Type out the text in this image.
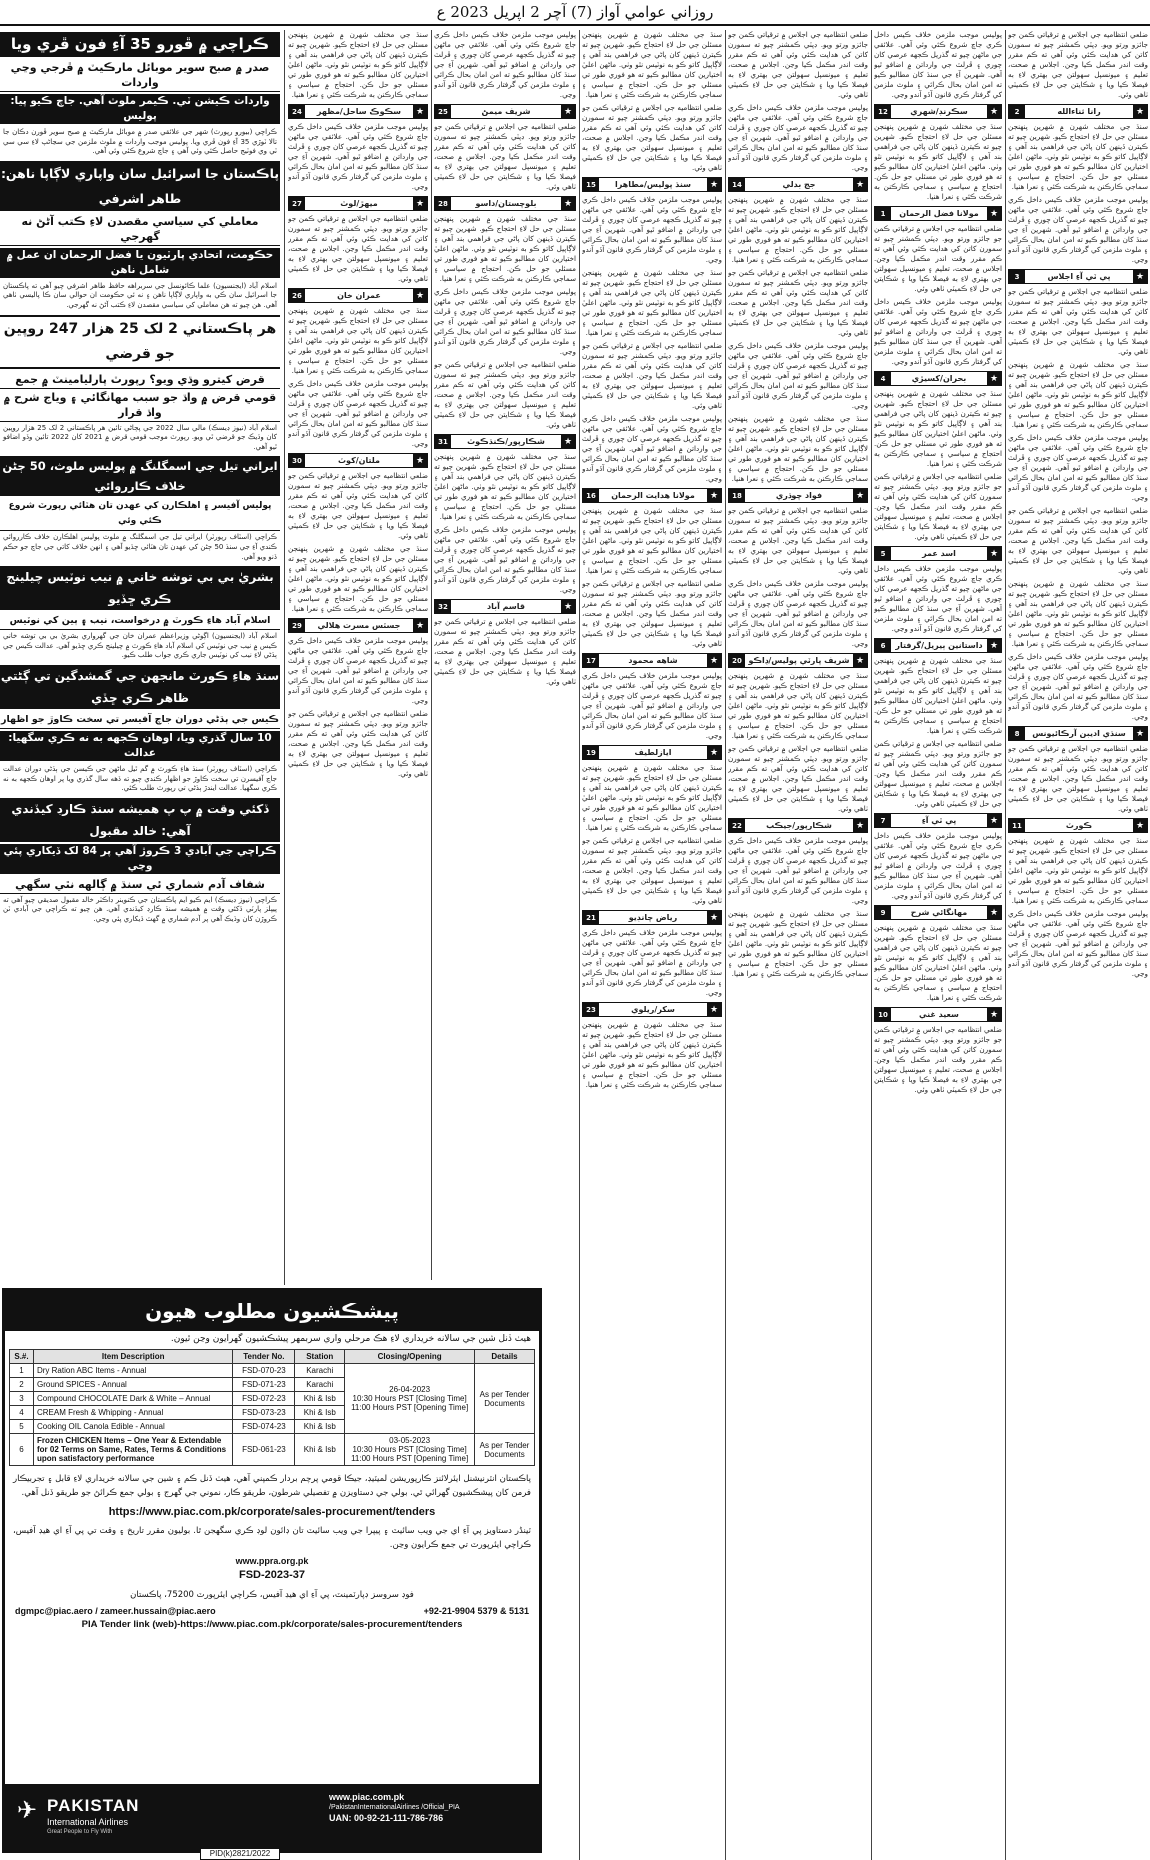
روزاني عوامي آواز (7) آچر 2 اپريل 2023 ع
ڪراچي ۾ ڦورو 35 آءِ فون ڦري ويا
صدر ۾ صبح سوير موبائل مارڪيٽ ۾ ڦرجي وڃي واردات
واردات ڪيشن ٽي. ڪيمر ملوث آهي. جاچ ڪيو پيا: پوليس
ڪراچي (بيورو رپورٽ) شهر جي علائقي صدر ۾ موبائل مارڪيٽ ۾ صبح سوير ڦورن دڪان جا تالا ٽوڙي 35 آءِ فون ڦري ويا. پوليس موجب واردات ۾ ملوث ملزمن جي سڃاڻپ لاءِ سي سي ٽي وي فوٽيج حاصل ڪئي وئي آهي ۽ جاچ شروع ڪئي وئي آهي.
پاڪستان جا اسرائيل سان واپاري لاڳاپا ناهن: طاهر اشرفي
معاملي کي سياسي مقصدن لاءِ ڪتب آڻڻ نه گهرجي
حڪومت، اتحادي پارٽيون يا فضل الرحمان ان عمل ۾ شامل ناهن
اسلام آباد (ايجنسيون) علما ڪائونسل جي سربراهه حافظ طاهر اشرفي چيو آهي ته پاڪستان جا اسرائيل سان ڪي به واپاري لاڳاپا ناهن ۽ نه ئي حڪومت ان حوالي سان ڪا پاليسي ٺاهي آهي. هن چيو ته هن معاملي کي سياسي مقصدن لاءِ ڪتب آڻڻ نه گهرجي.
هر پاڪستاني 2 لک 25 هزار 247 روپين جو قرضي
قرض کيترو وڌي ويو؟ رپورٽ پارليامينٽ ۾ جمع
قومي قرض ۾ واڌ جو سبب مهانگائي ۽ وياج شرح ۾ واڌ قرار
اسلام آباد (نيوز ڊيسڪ) مالي سال 2022 جي پڄاڻي تائين هر پاڪستاني 2 لک 25 هزار روپين کان وڌيڪ جو قرضي ٿي ويو. رپورٽ موجب قومي قرض ۾ 2021 کان 2022 تائين وڏو اضافو ٿيو آهي.
ايراني تيل جي اسمگلنگ ۾ پوليس ملوث، 50 ڄڻن خلاف ڪارروائي
پوليس آفيسر ۽ اهلڪارن کي عهدن تان هٽائي رپورٽ شروع ڪئي وئي
ڪراچي (اسٽاف رپورٽر) ايراني تيل جي اسمگلنگ ۾ ملوث پوليس اهلڪارن خلاف ڪارروائي ڪندي آءِ جي سنڌ 50 ڄڻن کي عهدن تان هٽائي ڇڏيو آهي ۽ انهن خلاف کاتي جي جاچ جو حڪم ڏنو ويو آهي.
بشريٰ بي بي توشه خاني ۾ نيب نوٽيس چيلينج ڪري ڇڏيو
اسلام آباد هاءِ ڪورٽ ۾ درخواست، نيب ۽ ٻين کي نوٽيس
اسلام آباد (ايجنسيون) اڳوڻي وزيراعظم عمران خان جي گهرواري بشريٰ بي بي توشه خاني ڪيس ۾ نيب جي نوٽيس کي اسلام آباد هاءِ ڪورٽ ۾ چيلينج ڪري ڇڏيو آهي. عدالت ڪيس جي ٻڌڻي لاءِ نيب کي نوٽيس جاري ڪري جواب طلب ڪيو.
سنڌ هاءِ ڪورٽ مانجهن جي گمشدگين تي ڳڻتي ظاهر ڪري ڇڏي
ڪيس جي ٻڌڻي دوران جاچ آفيسر تي سخت ڪاوڙ جو اظهار
10 سال گذري ويا، اوهان ڪجهه به نه ڪري سگهيا: عدالت
ڪراچي (اسٽاف رپورٽر) سنڌ هاءِ ڪورٽ ۾ گم ٿيل ماڻهن جي ڪيسن جي ٻڌڻي دوران عدالت جاچ آفيسرن تي سخت ڪاوڙ جو اظهار ڪندي چيو ته ڏهه سال گذري ويا پر اوهان ڪجهه به نه ڪري سگهيا. عدالت ايندڙ ٻڌڻي تي رپورٽ طلب ڪئي.
ڏکئي وقت ۾ پ پ هميشه سنڌ ڪارڊ کيڏندي آهي: خالد مقبول
ڪراچي جي آبادي 3 ڪروڙ آهي پر 84 لک ڏيکاري پئي وڃي
شفاف آدم شماري ئي سنڌ ۾ ڳالهه نٿي سگهي
ڪراچي (نيوز ڊيسڪ) ايم ڪيو ايم پاڪستان جي ڪنوينر ڊاڪٽر خالد مقبول صديقي چيو آهي ته پيپلز پارٽي ڏکئي وقت ۾ هميشه سنڌ ڪارڊ کيڏندي آهي. هن چيو ته ڪراچي جي آبادي ٽن ڪروڙن کان وڌيڪ آهي پر آدم شماري ۾ گهٽ ڏيکاري پئي وڃي.

سنڌ جي مختلف شهرن ۾ شهرين پنهنجن مسئلن جي حل لاءِ احتجاج ڪيو. شهرين چيو ته ڪيترن ڏينهن کان پاڻي جي فراهمي بند آهي ۽ لاڳاپيل کاتو ڪو به نوٽيس نٿو وٺي. ماڻهن اعليٰ اختيارين کان مطالبو ڪيو ته هو فوري طور تي مسئلي جو حل ڪن. احتجاج ۾ سياسي ۽ سماجي ڪارڪنن به شرڪت ڪئي ۽ نعرا هنيا.

★
سڪوڪ ساحل/مظهر
24

پوليس موجب ملزمن خلاف ڪيس داخل ڪري جاچ شروع ڪئي وئي آهي. علائقي جي ماڻهن چيو ته گذريل ڪجهه عرصي کان چوري ۽ ڦرلٽ جي وارداتن ۾ اضافو ٿيو آهي. شهرين آءِ جي سنڌ کان مطالبو ڪيو ته امن امان بحال ڪرائي ۽ ملوث ملزمن کي گرفتار ڪري قانون آڏو آندو وڃي.

★
ميهڙ/لوٽ
27

ضلعي انتظاميه جي اجلاس ۾ ترقياتي ڪمن جو جائزو ورتو ويو. ڊپٽي ڪمشنر چيو ته سمورن کاتن کي هدايت ڪئي وئي آهي ته ڪم مقرر وقت اندر مڪمل ڪيا وڃن. اجلاس ۾ صحت، تعليم ۽ ميونسپل سهولتن جي بهتري لاءِ به فيصلا ڪيا ويا ۽ شڪايتن جي حل لاءِ ڪميٽي ٺاهي وئي.

★
عمران خان
26

سنڌ جي مختلف شهرن ۾ شهرين پنهنجن مسئلن جي حل لاءِ احتجاج ڪيو. شهرين چيو ته ڪيترن ڏينهن کان پاڻي جي فراهمي بند آهي ۽ لاڳاپيل کاتو ڪو به نوٽيس نٿو وٺي. ماڻهن اعليٰ اختيارين کان مطالبو ڪيو ته هو فوري طور تي مسئلي جو حل ڪن. احتجاج ۾ سياسي ۽ سماجي ڪارڪنن به شرڪت ڪئي ۽ نعرا هنيا.

پوليس موجب ملزمن خلاف ڪيس داخل ڪري جاچ شروع ڪئي وئي آهي. علائقي جي ماڻهن چيو ته گذريل ڪجهه عرصي کان چوري ۽ ڦرلٽ جي وارداتن ۾ اضافو ٿيو آهي. شهرين آءِ جي سنڌ کان مطالبو ڪيو ته امن امان بحال ڪرائي ۽ ملوث ملزمن کي گرفتار ڪري قانون آڏو آندو وڃي.

★
ملتان/کوٽ
30

ضلعي انتظاميه جي اجلاس ۾ ترقياتي ڪمن جو جائزو ورتو ويو. ڊپٽي ڪمشنر چيو ته سمورن کاتن کي هدايت ڪئي وئي آهي ته ڪم مقرر وقت اندر مڪمل ڪيا وڃن. اجلاس ۾ صحت، تعليم ۽ ميونسپل سهولتن جي بهتري لاءِ به فيصلا ڪيا ويا ۽ شڪايتن جي حل لاءِ ڪميٽي ٺاهي وئي.

سنڌ جي مختلف شهرن ۾ شهرين پنهنجن مسئلن جي حل لاءِ احتجاج ڪيو. شهرين چيو ته ڪيترن ڏينهن کان پاڻي جي فراهمي بند آهي ۽ لاڳاپيل کاتو ڪو به نوٽيس نٿو وٺي. ماڻهن اعليٰ اختيارين کان مطالبو ڪيو ته هو فوري طور تي مسئلي جو حل ڪن. احتجاج ۾ سياسي ۽ سماجي ڪارڪنن به شرڪت ڪئي ۽ نعرا هنيا.

★
جسٽس مسرت هلالي
29

پوليس موجب ملزمن خلاف ڪيس داخل ڪري جاچ شروع ڪئي وئي آهي. علائقي جي ماڻهن چيو ته گذريل ڪجهه عرصي کان چوري ۽ ڦرلٽ جي وارداتن ۾ اضافو ٿيو آهي. شهرين آءِ جي سنڌ کان مطالبو ڪيو ته امن امان بحال ڪرائي ۽ ملوث ملزمن کي گرفتار ڪري قانون آڏو آندو وڃي.

ضلعي انتظاميه جي اجلاس ۾ ترقياتي ڪمن جو جائزو ورتو ويو. ڊپٽي ڪمشنر چيو ته سمورن کاتن کي هدايت ڪئي وئي آهي ته ڪم مقرر وقت اندر مڪمل ڪيا وڃن. اجلاس ۾ صحت، تعليم ۽ ميونسپل سهولتن جي بهتري لاءِ به فيصلا ڪيا ويا ۽ شڪايتن جي حل لاءِ ڪميٽي ٺاهي وئي.

پوليس موجب ملزمن خلاف ڪيس داخل ڪري جاچ شروع ڪئي وئي آهي. علائقي جي ماڻهن چيو ته گذريل ڪجهه عرصي کان چوري ۽ ڦرلٽ جي وارداتن ۾ اضافو ٿيو آهي. شهرين آءِ جي سنڌ کان مطالبو ڪيو ته امن امان بحال ڪرائي ۽ ملوث ملزمن کي گرفتار ڪري قانون آڏو آندو وڃي.

★
شريف ميمڻ
25

ضلعي انتظاميه جي اجلاس ۾ ترقياتي ڪمن جو جائزو ورتو ويو. ڊپٽي ڪمشنر چيو ته سمورن کاتن کي هدايت ڪئي وئي آهي ته ڪم مقرر وقت اندر مڪمل ڪيا وڃن. اجلاس ۾ صحت، تعليم ۽ ميونسپل سهولتن جي بهتري لاءِ به فيصلا ڪيا ويا ۽ شڪايتن جي حل لاءِ ڪميٽي ٺاهي وئي.

★
بلوچستان/داسو
28

سنڌ جي مختلف شهرن ۾ شهرين پنهنجن مسئلن جي حل لاءِ احتجاج ڪيو. شهرين چيو ته ڪيترن ڏينهن کان پاڻي جي فراهمي بند آهي ۽ لاڳاپيل کاتو ڪو به نوٽيس نٿو وٺي. ماڻهن اعليٰ اختيارين کان مطالبو ڪيو ته هو فوري طور تي مسئلي جو حل ڪن. احتجاج ۾ سياسي ۽ سماجي ڪارڪنن به شرڪت ڪئي ۽ نعرا هنيا.

پوليس موجب ملزمن خلاف ڪيس داخل ڪري جاچ شروع ڪئي وئي آهي. علائقي جي ماڻهن چيو ته گذريل ڪجهه عرصي کان چوري ۽ ڦرلٽ جي وارداتن ۾ اضافو ٿيو آهي. شهرين آءِ جي سنڌ کان مطالبو ڪيو ته امن امان بحال ڪرائي ۽ ملوث ملزمن کي گرفتار ڪري قانون آڏو آندو وڃي.

ضلعي انتظاميه جي اجلاس ۾ ترقياتي ڪمن جو جائزو ورتو ويو. ڊپٽي ڪمشنر چيو ته سمورن کاتن کي هدايت ڪئي وئي آهي ته ڪم مقرر وقت اندر مڪمل ڪيا وڃن. اجلاس ۾ صحت، تعليم ۽ ميونسپل سهولتن جي بهتري لاءِ به فيصلا ڪيا ويا ۽ شڪايتن جي حل لاءِ ڪميٽي ٺاهي وئي.

★
شڪارپور/ڪنڌڪوٽ
31

سنڌ جي مختلف شهرن ۾ شهرين پنهنجن مسئلن جي حل لاءِ احتجاج ڪيو. شهرين چيو ته ڪيترن ڏينهن کان پاڻي جي فراهمي بند آهي ۽ لاڳاپيل کاتو ڪو به نوٽيس نٿو وٺي. ماڻهن اعليٰ اختيارين کان مطالبو ڪيو ته هو فوري طور تي مسئلي جو حل ڪن. احتجاج ۾ سياسي ۽ سماجي ڪارڪنن به شرڪت ڪئي ۽ نعرا هنيا.

پوليس موجب ملزمن خلاف ڪيس داخل ڪري جاچ شروع ڪئي وئي آهي. علائقي جي ماڻهن چيو ته گذريل ڪجهه عرصي کان چوري ۽ ڦرلٽ جي وارداتن ۾ اضافو ٿيو آهي. شهرين آءِ جي سنڌ کان مطالبو ڪيو ته امن امان بحال ڪرائي ۽ ملوث ملزمن کي گرفتار ڪري قانون آڏو آندو وڃي.

★
قاسم آباد
32

ضلعي انتظاميه جي اجلاس ۾ ترقياتي ڪمن جو جائزو ورتو ويو. ڊپٽي ڪمشنر چيو ته سمورن کاتن کي هدايت ڪئي وئي آهي ته ڪم مقرر وقت اندر مڪمل ڪيا وڃن. اجلاس ۾ صحت، تعليم ۽ ميونسپل سهولتن جي بهتري لاءِ به فيصلا ڪيا ويا ۽ شڪايتن جي حل لاءِ ڪميٽي ٺاهي وئي.

سنڌ جي مختلف شهرن ۾ شهرين پنهنجن مسئلن جي حل لاءِ احتجاج ڪيو. شهرين چيو ته ڪيترن ڏينهن کان پاڻي جي فراهمي بند آهي ۽ لاڳاپيل کاتو ڪو به نوٽيس نٿو وٺي. ماڻهن اعليٰ اختيارين کان مطالبو ڪيو ته هو فوري طور تي مسئلي جو حل ڪن. احتجاج ۾ سياسي ۽ سماجي ڪارڪنن به شرڪت ڪئي ۽ نعرا هنيا.

ضلعي انتظاميه جي اجلاس ۾ ترقياتي ڪمن جو جائزو ورتو ويو. ڊپٽي ڪمشنر چيو ته سمورن کاتن کي هدايت ڪئي وئي آهي ته ڪم مقرر وقت اندر مڪمل ڪيا وڃن. اجلاس ۾ صحت، تعليم ۽ ميونسپل سهولتن جي بهتري لاءِ به فيصلا ڪيا ويا ۽ شڪايتن جي حل لاءِ ڪميٽي ٺاهي وئي.

★
سنڌ پوليس/مطاهرا
15

پوليس موجب ملزمن خلاف ڪيس داخل ڪري جاچ شروع ڪئي وئي آهي. علائقي جي ماڻهن چيو ته گذريل ڪجهه عرصي کان چوري ۽ ڦرلٽ جي وارداتن ۾ اضافو ٿيو آهي. شهرين آءِ جي سنڌ کان مطالبو ڪيو ته امن امان بحال ڪرائي ۽ ملوث ملزمن کي گرفتار ڪري قانون آڏو آندو وڃي.

سنڌ جي مختلف شهرن ۾ شهرين پنهنجن مسئلن جي حل لاءِ احتجاج ڪيو. شهرين چيو ته ڪيترن ڏينهن کان پاڻي جي فراهمي بند آهي ۽ لاڳاپيل کاتو ڪو به نوٽيس نٿو وٺي. ماڻهن اعليٰ اختيارين کان مطالبو ڪيو ته هو فوري طور تي مسئلي جو حل ڪن. احتجاج ۾ سياسي ۽ سماجي ڪارڪنن به شرڪت ڪئي ۽ نعرا هنيا.

ضلعي انتظاميه جي اجلاس ۾ ترقياتي ڪمن جو جائزو ورتو ويو. ڊپٽي ڪمشنر چيو ته سمورن کاتن کي هدايت ڪئي وئي آهي ته ڪم مقرر وقت اندر مڪمل ڪيا وڃن. اجلاس ۾ صحت، تعليم ۽ ميونسپل سهولتن جي بهتري لاءِ به فيصلا ڪيا ويا ۽ شڪايتن جي حل لاءِ ڪميٽي ٺاهي وئي.

پوليس موجب ملزمن خلاف ڪيس داخل ڪري جاچ شروع ڪئي وئي آهي. علائقي جي ماڻهن چيو ته گذريل ڪجهه عرصي کان چوري ۽ ڦرلٽ جي وارداتن ۾ اضافو ٿيو آهي. شهرين آءِ جي سنڌ کان مطالبو ڪيو ته امن امان بحال ڪرائي ۽ ملوث ملزمن کي گرفتار ڪري قانون آڏو آندو وڃي.

★
مولانا هدايت الرحمان
16

سنڌ جي مختلف شهرن ۾ شهرين پنهنجن مسئلن جي حل لاءِ احتجاج ڪيو. شهرين چيو ته ڪيترن ڏينهن کان پاڻي جي فراهمي بند آهي ۽ لاڳاپيل کاتو ڪو به نوٽيس نٿو وٺي. ماڻهن اعليٰ اختيارين کان مطالبو ڪيو ته هو فوري طور تي مسئلي جو حل ڪن. احتجاج ۾ سياسي ۽ سماجي ڪارڪنن به شرڪت ڪئي ۽ نعرا هنيا.

ضلعي انتظاميه جي اجلاس ۾ ترقياتي ڪمن جو جائزو ورتو ويو. ڊپٽي ڪمشنر چيو ته سمورن کاتن کي هدايت ڪئي وئي آهي ته ڪم مقرر وقت اندر مڪمل ڪيا وڃن. اجلاس ۾ صحت، تعليم ۽ ميونسپل سهولتن جي بهتري لاءِ به فيصلا ڪيا ويا ۽ شڪايتن جي حل لاءِ ڪميٽي ٺاهي وئي.

★
شاهه محمود
17

پوليس موجب ملزمن خلاف ڪيس داخل ڪري جاچ شروع ڪئي وئي آهي. علائقي جي ماڻهن چيو ته گذريل ڪجهه عرصي کان چوري ۽ ڦرلٽ جي وارداتن ۾ اضافو ٿيو آهي. شهرين آءِ جي سنڌ کان مطالبو ڪيو ته امن امان بحال ڪرائي ۽ ملوث ملزمن کي گرفتار ڪري قانون آڏو آندو وڃي.

★
ايازلطيف
19

سنڌ جي مختلف شهرن ۾ شهرين پنهنجن مسئلن جي حل لاءِ احتجاج ڪيو. شهرين چيو ته ڪيترن ڏينهن کان پاڻي جي فراهمي بند آهي ۽ لاڳاپيل کاتو ڪو به نوٽيس نٿو وٺي. ماڻهن اعليٰ اختيارين کان مطالبو ڪيو ته هو فوري طور تي مسئلي جو حل ڪن. احتجاج ۾ سياسي ۽ سماجي ڪارڪنن به شرڪت ڪئي ۽ نعرا هنيا.

ضلعي انتظاميه جي اجلاس ۾ ترقياتي ڪمن جو جائزو ورتو ويو. ڊپٽي ڪمشنر چيو ته سمورن کاتن کي هدايت ڪئي وئي آهي ته ڪم مقرر وقت اندر مڪمل ڪيا وڃن. اجلاس ۾ صحت، تعليم ۽ ميونسپل سهولتن جي بهتري لاءِ به فيصلا ڪيا ويا ۽ شڪايتن جي حل لاءِ ڪميٽي ٺاهي وئي.

★
رياض چانڊيو
21

پوليس موجب ملزمن خلاف ڪيس داخل ڪري جاچ شروع ڪئي وئي آهي. علائقي جي ماڻهن چيو ته گذريل ڪجهه عرصي کان چوري ۽ ڦرلٽ جي وارداتن ۾ اضافو ٿيو آهي. شهرين آءِ جي سنڌ کان مطالبو ڪيو ته امن امان بحال ڪرائي ۽ ملوث ملزمن کي گرفتار ڪري قانون آڏو آندو وڃي.

★
سکر/ريلوي
23

سنڌ جي مختلف شهرن ۾ شهرين پنهنجن مسئلن جي حل لاءِ احتجاج ڪيو. شهرين چيو ته ڪيترن ڏينهن کان پاڻي جي فراهمي بند آهي ۽ لاڳاپيل کاتو ڪو به نوٽيس نٿو وٺي. ماڻهن اعليٰ اختيارين کان مطالبو ڪيو ته هو فوري طور تي مسئلي جو حل ڪن. احتجاج ۾ سياسي ۽ سماجي ڪارڪنن به شرڪت ڪئي ۽ نعرا هنيا.

ضلعي انتظاميه جي اجلاس ۾ ترقياتي ڪمن جو جائزو ورتو ويو. ڊپٽي ڪمشنر چيو ته سمورن کاتن کي هدايت ڪئي وئي آهي ته ڪم مقرر وقت اندر مڪمل ڪيا وڃن. اجلاس ۾ صحت، تعليم ۽ ميونسپل سهولتن جي بهتري لاءِ به فيصلا ڪيا ويا ۽ شڪايتن جي حل لاءِ ڪميٽي ٺاهي وئي.

پوليس موجب ملزمن خلاف ڪيس داخل ڪري جاچ شروع ڪئي وئي آهي. علائقي جي ماڻهن چيو ته گذريل ڪجهه عرصي کان چوري ۽ ڦرلٽ جي وارداتن ۾ اضافو ٿيو آهي. شهرين آءِ جي سنڌ کان مطالبو ڪيو ته امن امان بحال ڪرائي ۽ ملوث ملزمن کي گرفتار ڪري قانون آڏو آندو وڃي.

★
جج بدلي
14

سنڌ جي مختلف شهرن ۾ شهرين پنهنجن مسئلن جي حل لاءِ احتجاج ڪيو. شهرين چيو ته ڪيترن ڏينهن کان پاڻي جي فراهمي بند آهي ۽ لاڳاپيل کاتو ڪو به نوٽيس نٿو وٺي. ماڻهن اعليٰ اختيارين کان مطالبو ڪيو ته هو فوري طور تي مسئلي جو حل ڪن. احتجاج ۾ سياسي ۽ سماجي ڪارڪنن به شرڪت ڪئي ۽ نعرا هنيا.

ضلعي انتظاميه جي اجلاس ۾ ترقياتي ڪمن جو جائزو ورتو ويو. ڊپٽي ڪمشنر چيو ته سمورن کاتن کي هدايت ڪئي وئي آهي ته ڪم مقرر وقت اندر مڪمل ڪيا وڃن. اجلاس ۾ صحت، تعليم ۽ ميونسپل سهولتن جي بهتري لاءِ به فيصلا ڪيا ويا ۽ شڪايتن جي حل لاءِ ڪميٽي ٺاهي وئي.

پوليس موجب ملزمن خلاف ڪيس داخل ڪري جاچ شروع ڪئي وئي آهي. علائقي جي ماڻهن چيو ته گذريل ڪجهه عرصي کان چوري ۽ ڦرلٽ جي وارداتن ۾ اضافو ٿيو آهي. شهرين آءِ جي سنڌ کان مطالبو ڪيو ته امن امان بحال ڪرائي ۽ ملوث ملزمن کي گرفتار ڪري قانون آڏو آندو وڃي.

سنڌ جي مختلف شهرن ۾ شهرين پنهنجن مسئلن جي حل لاءِ احتجاج ڪيو. شهرين چيو ته ڪيترن ڏينهن کان پاڻي جي فراهمي بند آهي ۽ لاڳاپيل کاتو ڪو به نوٽيس نٿو وٺي. ماڻهن اعليٰ اختيارين کان مطالبو ڪيو ته هو فوري طور تي مسئلي جو حل ڪن. احتجاج ۾ سياسي ۽ سماجي ڪارڪنن به شرڪت ڪئي ۽ نعرا هنيا.

★
فواد چوڌري
18

ضلعي انتظاميه جي اجلاس ۾ ترقياتي ڪمن جو جائزو ورتو ويو. ڊپٽي ڪمشنر چيو ته سمورن کاتن کي هدايت ڪئي وئي آهي ته ڪم مقرر وقت اندر مڪمل ڪيا وڃن. اجلاس ۾ صحت، تعليم ۽ ميونسپل سهولتن جي بهتري لاءِ به فيصلا ڪيا ويا ۽ شڪايتن جي حل لاءِ ڪميٽي ٺاهي وئي.

پوليس موجب ملزمن خلاف ڪيس داخل ڪري جاچ شروع ڪئي وئي آهي. علائقي جي ماڻهن چيو ته گذريل ڪجهه عرصي کان چوري ۽ ڦرلٽ جي وارداتن ۾ اضافو ٿيو آهي. شهرين آءِ جي سنڌ کان مطالبو ڪيو ته امن امان بحال ڪرائي ۽ ملوث ملزمن کي گرفتار ڪري قانون آڏو آندو وڃي.

★
شريف پارٽي پوليس/ڊاڪو
20

سنڌ جي مختلف شهرن ۾ شهرين پنهنجن مسئلن جي حل لاءِ احتجاج ڪيو. شهرين چيو ته ڪيترن ڏينهن کان پاڻي جي فراهمي بند آهي ۽ لاڳاپيل کاتو ڪو به نوٽيس نٿو وٺي. ماڻهن اعليٰ اختيارين کان مطالبو ڪيو ته هو فوري طور تي مسئلي جو حل ڪن. احتجاج ۾ سياسي ۽ سماجي ڪارڪنن به شرڪت ڪئي ۽ نعرا هنيا.

ضلعي انتظاميه جي اجلاس ۾ ترقياتي ڪمن جو جائزو ورتو ويو. ڊپٽي ڪمشنر چيو ته سمورن کاتن کي هدايت ڪئي وئي آهي ته ڪم مقرر وقت اندر مڪمل ڪيا وڃن. اجلاس ۾ صحت، تعليم ۽ ميونسپل سهولتن جي بهتري لاءِ به فيصلا ڪيا ويا ۽ شڪايتن جي حل لاءِ ڪميٽي ٺاهي وئي.

★
شڪارپور/جيڪب
22

پوليس موجب ملزمن خلاف ڪيس داخل ڪري جاچ شروع ڪئي وئي آهي. علائقي جي ماڻهن چيو ته گذريل ڪجهه عرصي کان چوري ۽ ڦرلٽ جي وارداتن ۾ اضافو ٿيو آهي. شهرين آءِ جي سنڌ کان مطالبو ڪيو ته امن امان بحال ڪرائي ۽ ملوث ملزمن کي گرفتار ڪري قانون آڏو آندو وڃي.

سنڌ جي مختلف شهرن ۾ شهرين پنهنجن مسئلن جي حل لاءِ احتجاج ڪيو. شهرين چيو ته ڪيترن ڏينهن کان پاڻي جي فراهمي بند آهي ۽ لاڳاپيل کاتو ڪو به نوٽيس نٿو وٺي. ماڻهن اعليٰ اختيارين کان مطالبو ڪيو ته هو فوري طور تي مسئلي جو حل ڪن. احتجاج ۾ سياسي ۽ سماجي ڪارڪنن به شرڪت ڪئي ۽ نعرا هنيا.

پوليس موجب ملزمن خلاف ڪيس داخل ڪري جاچ شروع ڪئي وئي آهي. علائقي جي ماڻهن چيو ته گذريل ڪجهه عرصي کان چوري ۽ ڦرلٽ جي وارداتن ۾ اضافو ٿيو آهي. شهرين آءِ جي سنڌ کان مطالبو ڪيو ته امن امان بحال ڪرائي ۽ ملوث ملزمن کي گرفتار ڪري قانون آڏو آندو وڃي.

★
سڪرنڊ/شهري
12

سنڌ جي مختلف شهرن ۾ شهرين پنهنجن مسئلن جي حل لاءِ احتجاج ڪيو. شهرين چيو ته ڪيترن ڏينهن کان پاڻي جي فراهمي بند آهي ۽ لاڳاپيل کاتو ڪو به نوٽيس نٿو وٺي. ماڻهن اعليٰ اختيارين کان مطالبو ڪيو ته هو فوري طور تي مسئلي جو حل ڪن. احتجاج ۾ سياسي ۽ سماجي ڪارڪنن به شرڪت ڪئي ۽ نعرا هنيا.

★
مولانا فضل الرحمان
1

ضلعي انتظاميه جي اجلاس ۾ ترقياتي ڪمن جو جائزو ورتو ويو. ڊپٽي ڪمشنر چيو ته سمورن کاتن کي هدايت ڪئي وئي آهي ته ڪم مقرر وقت اندر مڪمل ڪيا وڃن. اجلاس ۾ صحت، تعليم ۽ ميونسپل سهولتن جي بهتري لاءِ به فيصلا ڪيا ويا ۽ شڪايتن جي حل لاءِ ڪميٽي ٺاهي وئي.

پوليس موجب ملزمن خلاف ڪيس داخل ڪري جاچ شروع ڪئي وئي آهي. علائقي جي ماڻهن چيو ته گذريل ڪجهه عرصي کان چوري ۽ ڦرلٽ جي وارداتن ۾ اضافو ٿيو آهي. شهرين آءِ جي سنڌ کان مطالبو ڪيو ته امن امان بحال ڪرائي ۽ ملوث ملزمن کي گرفتار ڪري قانون آڏو آندو وڃي.

★
بحران/کسيڙي
4

سنڌ جي مختلف شهرن ۾ شهرين پنهنجن مسئلن جي حل لاءِ احتجاج ڪيو. شهرين چيو ته ڪيترن ڏينهن کان پاڻي جي فراهمي بند آهي ۽ لاڳاپيل کاتو ڪو به نوٽيس نٿو وٺي. ماڻهن اعليٰ اختيارين کان مطالبو ڪيو ته هو فوري طور تي مسئلي جو حل ڪن. احتجاج ۾ سياسي ۽ سماجي ڪارڪنن به شرڪت ڪئي ۽ نعرا هنيا.

ضلعي انتظاميه جي اجلاس ۾ ترقياتي ڪمن جو جائزو ورتو ويو. ڊپٽي ڪمشنر چيو ته سمورن کاتن کي هدايت ڪئي وئي آهي ته ڪم مقرر وقت اندر مڪمل ڪيا وڃن. اجلاس ۾ صحت، تعليم ۽ ميونسپل سهولتن جي بهتري لاءِ به فيصلا ڪيا ويا ۽ شڪايتن جي حل لاءِ ڪميٽي ٺاهي وئي.

★
اسد عمر
5

پوليس موجب ملزمن خلاف ڪيس داخل ڪري جاچ شروع ڪئي وئي آهي. علائقي جي ماڻهن چيو ته گذريل ڪجهه عرصي کان چوري ۽ ڦرلٽ جي وارداتن ۾ اضافو ٿيو آهي. شهرين آءِ جي سنڌ کان مطالبو ڪيو ته امن امان بحال ڪرائي ۽ ملوث ملزمن کي گرفتار ڪري قانون آڏو آندو وڃي.

★
داستانين ٻيريل/گرفتار
6

سنڌ جي مختلف شهرن ۾ شهرين پنهنجن مسئلن جي حل لاءِ احتجاج ڪيو. شهرين چيو ته ڪيترن ڏينهن کان پاڻي جي فراهمي بند آهي ۽ لاڳاپيل کاتو ڪو به نوٽيس نٿو وٺي. ماڻهن اعليٰ اختيارين کان مطالبو ڪيو ته هو فوري طور تي مسئلي جو حل ڪن. احتجاج ۾ سياسي ۽ سماجي ڪارڪنن به شرڪت ڪئي ۽ نعرا هنيا.

ضلعي انتظاميه جي اجلاس ۾ ترقياتي ڪمن جو جائزو ورتو ويو. ڊپٽي ڪمشنر چيو ته سمورن کاتن کي هدايت ڪئي وئي آهي ته ڪم مقرر وقت اندر مڪمل ڪيا وڃن. اجلاس ۾ صحت، تعليم ۽ ميونسپل سهولتن جي بهتري لاءِ به فيصلا ڪيا ويا ۽ شڪايتن جي حل لاءِ ڪميٽي ٺاهي وئي.

★
پي ٽي آءِ
7

پوليس موجب ملزمن خلاف ڪيس داخل ڪري جاچ شروع ڪئي وئي آهي. علائقي جي ماڻهن چيو ته گذريل ڪجهه عرصي کان چوري ۽ ڦرلٽ جي وارداتن ۾ اضافو ٿيو آهي. شهرين آءِ جي سنڌ کان مطالبو ڪيو ته امن امان بحال ڪرائي ۽ ملوث ملزمن کي گرفتار ڪري قانون آڏو آندو وڃي.

★
مهانگائي شرح
9

سنڌ جي مختلف شهرن ۾ شهرين پنهنجن مسئلن جي حل لاءِ احتجاج ڪيو. شهرين چيو ته ڪيترن ڏينهن کان پاڻي جي فراهمي بند آهي ۽ لاڳاپيل کاتو ڪو به نوٽيس نٿو وٺي. ماڻهن اعليٰ اختيارين کان مطالبو ڪيو ته هو فوري طور تي مسئلي جو حل ڪن. احتجاج ۾ سياسي ۽ سماجي ڪارڪنن به شرڪت ڪئي ۽ نعرا هنيا.

★
سعيد غني
10

ضلعي انتظاميه جي اجلاس ۾ ترقياتي ڪمن جو جائزو ورتو ويو. ڊپٽي ڪمشنر چيو ته سمورن کاتن کي هدايت ڪئي وئي آهي ته ڪم مقرر وقت اندر مڪمل ڪيا وڃن. اجلاس ۾ صحت، تعليم ۽ ميونسپل سهولتن جي بهتري لاءِ به فيصلا ڪيا ويا ۽ شڪايتن جي حل لاءِ ڪميٽي ٺاهي وئي.

ضلعي انتظاميه جي اجلاس ۾ ترقياتي ڪمن جو جائزو ورتو ويو. ڊپٽي ڪمشنر چيو ته سمورن کاتن کي هدايت ڪئي وئي آهي ته ڪم مقرر وقت اندر مڪمل ڪيا وڃن. اجلاس ۾ صحت، تعليم ۽ ميونسپل سهولتن جي بهتري لاءِ به فيصلا ڪيا ويا ۽ شڪايتن جي حل لاءِ ڪميٽي ٺاهي وئي.

★
رانا ثناءالله
2

سنڌ جي مختلف شهرن ۾ شهرين پنهنجن مسئلن جي حل لاءِ احتجاج ڪيو. شهرين چيو ته ڪيترن ڏينهن کان پاڻي جي فراهمي بند آهي ۽ لاڳاپيل کاتو ڪو به نوٽيس نٿو وٺي. ماڻهن اعليٰ اختيارين کان مطالبو ڪيو ته هو فوري طور تي مسئلي جو حل ڪن. احتجاج ۾ سياسي ۽ سماجي ڪارڪنن به شرڪت ڪئي ۽ نعرا هنيا.

پوليس موجب ملزمن خلاف ڪيس داخل ڪري جاچ شروع ڪئي وئي آهي. علائقي جي ماڻهن چيو ته گذريل ڪجهه عرصي کان چوري ۽ ڦرلٽ جي وارداتن ۾ اضافو ٿيو آهي. شهرين آءِ جي سنڌ کان مطالبو ڪيو ته امن امان بحال ڪرائي ۽ ملوث ملزمن کي گرفتار ڪري قانون آڏو آندو وڃي.

★
پي ٽي آءِ اجلاس
3

ضلعي انتظاميه جي اجلاس ۾ ترقياتي ڪمن جو جائزو ورتو ويو. ڊپٽي ڪمشنر چيو ته سمورن کاتن کي هدايت ڪئي وئي آهي ته ڪم مقرر وقت اندر مڪمل ڪيا وڃن. اجلاس ۾ صحت، تعليم ۽ ميونسپل سهولتن جي بهتري لاءِ به فيصلا ڪيا ويا ۽ شڪايتن جي حل لاءِ ڪميٽي ٺاهي وئي.

سنڌ جي مختلف شهرن ۾ شهرين پنهنجن مسئلن جي حل لاءِ احتجاج ڪيو. شهرين چيو ته ڪيترن ڏينهن کان پاڻي جي فراهمي بند آهي ۽ لاڳاپيل کاتو ڪو به نوٽيس نٿو وٺي. ماڻهن اعليٰ اختيارين کان مطالبو ڪيو ته هو فوري طور تي مسئلي جو حل ڪن. احتجاج ۾ سياسي ۽ سماجي ڪارڪنن به شرڪت ڪئي ۽ نعرا هنيا.

پوليس موجب ملزمن خلاف ڪيس داخل ڪري جاچ شروع ڪئي وئي آهي. علائقي جي ماڻهن چيو ته گذريل ڪجهه عرصي کان چوري ۽ ڦرلٽ جي وارداتن ۾ اضافو ٿيو آهي. شهرين آءِ جي سنڌ کان مطالبو ڪيو ته امن امان بحال ڪرائي ۽ ملوث ملزمن کي گرفتار ڪري قانون آڏو آندو وڃي.

ضلعي انتظاميه جي اجلاس ۾ ترقياتي ڪمن جو جائزو ورتو ويو. ڊپٽي ڪمشنر چيو ته سمورن کاتن کي هدايت ڪئي وئي آهي ته ڪم مقرر وقت اندر مڪمل ڪيا وڃن. اجلاس ۾ صحت، تعليم ۽ ميونسپل سهولتن جي بهتري لاءِ به فيصلا ڪيا ويا ۽ شڪايتن جي حل لاءِ ڪميٽي ٺاهي وئي.

سنڌ جي مختلف شهرن ۾ شهرين پنهنجن مسئلن جي حل لاءِ احتجاج ڪيو. شهرين چيو ته ڪيترن ڏينهن کان پاڻي جي فراهمي بند آهي ۽ لاڳاپيل کاتو ڪو به نوٽيس نٿو وٺي. ماڻهن اعليٰ اختيارين کان مطالبو ڪيو ته هو فوري طور تي مسئلي جو حل ڪن. احتجاج ۾ سياسي ۽ سماجي ڪارڪنن به شرڪت ڪئي ۽ نعرا هنيا.

پوليس موجب ملزمن خلاف ڪيس داخل ڪري جاچ شروع ڪئي وئي آهي. علائقي جي ماڻهن چيو ته گذريل ڪجهه عرصي کان چوري ۽ ڦرلٽ جي وارداتن ۾ اضافو ٿيو آهي. شهرين آءِ جي سنڌ کان مطالبو ڪيو ته امن امان بحال ڪرائي ۽ ملوث ملزمن کي گرفتار ڪري قانون آڏو آندو وڃي.

★
سنڌي اديبن آرڪائيونس
8

ضلعي انتظاميه جي اجلاس ۾ ترقياتي ڪمن جو جائزو ورتو ويو. ڊپٽي ڪمشنر چيو ته سمورن کاتن کي هدايت ڪئي وئي آهي ته ڪم مقرر وقت اندر مڪمل ڪيا وڃن. اجلاس ۾ صحت، تعليم ۽ ميونسپل سهولتن جي بهتري لاءِ به فيصلا ڪيا ويا ۽ شڪايتن جي حل لاءِ ڪميٽي ٺاهي وئي.

★
ڪورٽ
11

سنڌ جي مختلف شهرن ۾ شهرين پنهنجن مسئلن جي حل لاءِ احتجاج ڪيو. شهرين چيو ته ڪيترن ڏينهن کان پاڻي جي فراهمي بند آهي ۽ لاڳاپيل کاتو ڪو به نوٽيس نٿو وٺي. ماڻهن اعليٰ اختيارين کان مطالبو ڪيو ته هو فوري طور تي مسئلي جو حل ڪن. احتجاج ۾ سياسي ۽ سماجي ڪارڪنن به شرڪت ڪئي ۽ نعرا هنيا.

پوليس موجب ملزمن خلاف ڪيس داخل ڪري جاچ شروع ڪئي وئي آهي. علائقي جي ماڻهن چيو ته گذريل ڪجهه عرصي کان چوري ۽ ڦرلٽ جي وارداتن ۾ اضافو ٿيو آهي. شهرين آءِ جي سنڌ کان مطالبو ڪيو ته امن امان بحال ڪرائي ۽ ملوث ملزمن کي گرفتار ڪري قانون آڏو آندو وڃي.

پيشڪشيون مطلوب هيون
هيٺ ڏنل شين جي سالانه خريداري لاءِ هڪ مرحلي واري سربمهر پيشڪشيون گهرايون وڃن ٿيون.
S.#.	Item Description	Tender No.	Station	Closing/Opening	Details
1	Dry Ration ABC Items - Annual	FSD-070-23	Karachi	26-04-2023
10:30 Hours PST [Closing Time]
11:00 Hours PST [Opening Time]	As per Tender Documents
2	Ground SPICES - Annual	FSD-071-23	Karachi		
3	Compound CHOCOLATE Dark & White – Annual	FSD-072-23	Khi & Isb		
4	CREAM Fresh & Whipping - Annual	FSD-073-23	Khi & Isb		
5	Cooking OIL Canola Edible - Annual	FSD-074-23	Khi & Isb		
6	Frozen CHICKEN Items – One Year & Extendable for 02 Terms on Same, Rates, Terms & Conditions upon satisfactory performance	FSD-061-23	Khi & Isb	03-05-2023
10:30 Hours PST [Closing Time]
11:00 Hours PST [Opening Time]	As per Tender Documents
پاڪستان انٽرنيشنل ايئرلائنز ڪارپوريشن لميٽيڊ، جيڪا قومي پرچم بردار ڪمپني آهي، هيٺ ڏنل ڪم ۽ شين جي سالانه خريداري لاءِ قابل ۽ تجربيڪار فرمن کان پيشڪشيون گهرائي ٿي. بولي جي دستاويزن ۾ تفصيلي شرطون، طريقو ڪار، نموني جي گهرج ۽ بولي جمع ڪرائڻ جو طريقو ڏنل آهي.
https://www.piac.com.pk/corporate/sales-procurement/tenders
ٽينڈر دستاويز پي آءِ اي جي ويب سائيٽ ۽ پيپرا جي ويب سائيٽ تان ڊائون لوڊ ڪري سگهجن ٿا. بوليون مقرر تاريخ ۽ وقت تي پي آءِ اي هيڊ آفيس، ڪراچي ايئرپورٽ تي جمع ڪرايون وڃن.
www.ppra.org.pk
FSD-2023-37
فوڊ سروسز ڊپارٽمينٽ، پي آءِ اي هيڊ آفيس، ڪراچي ايئرپورٽ 75200، پاڪستان
dgmpc@piac.aero / zameer.hussain@piac.aero	+92-21-9904 5379 & 5131
PIA Tender link (web)-https://www.piac.com.pk/corporate/sales-procurement/tenders
✈ PAKISTAN
International Airlines
Great People to Fly With
www.piac.com.pk
/PakistanInternationalAirlines /Official_PIA
UAN: 00-92-21-111-786-786
PID(k)2821/2022
